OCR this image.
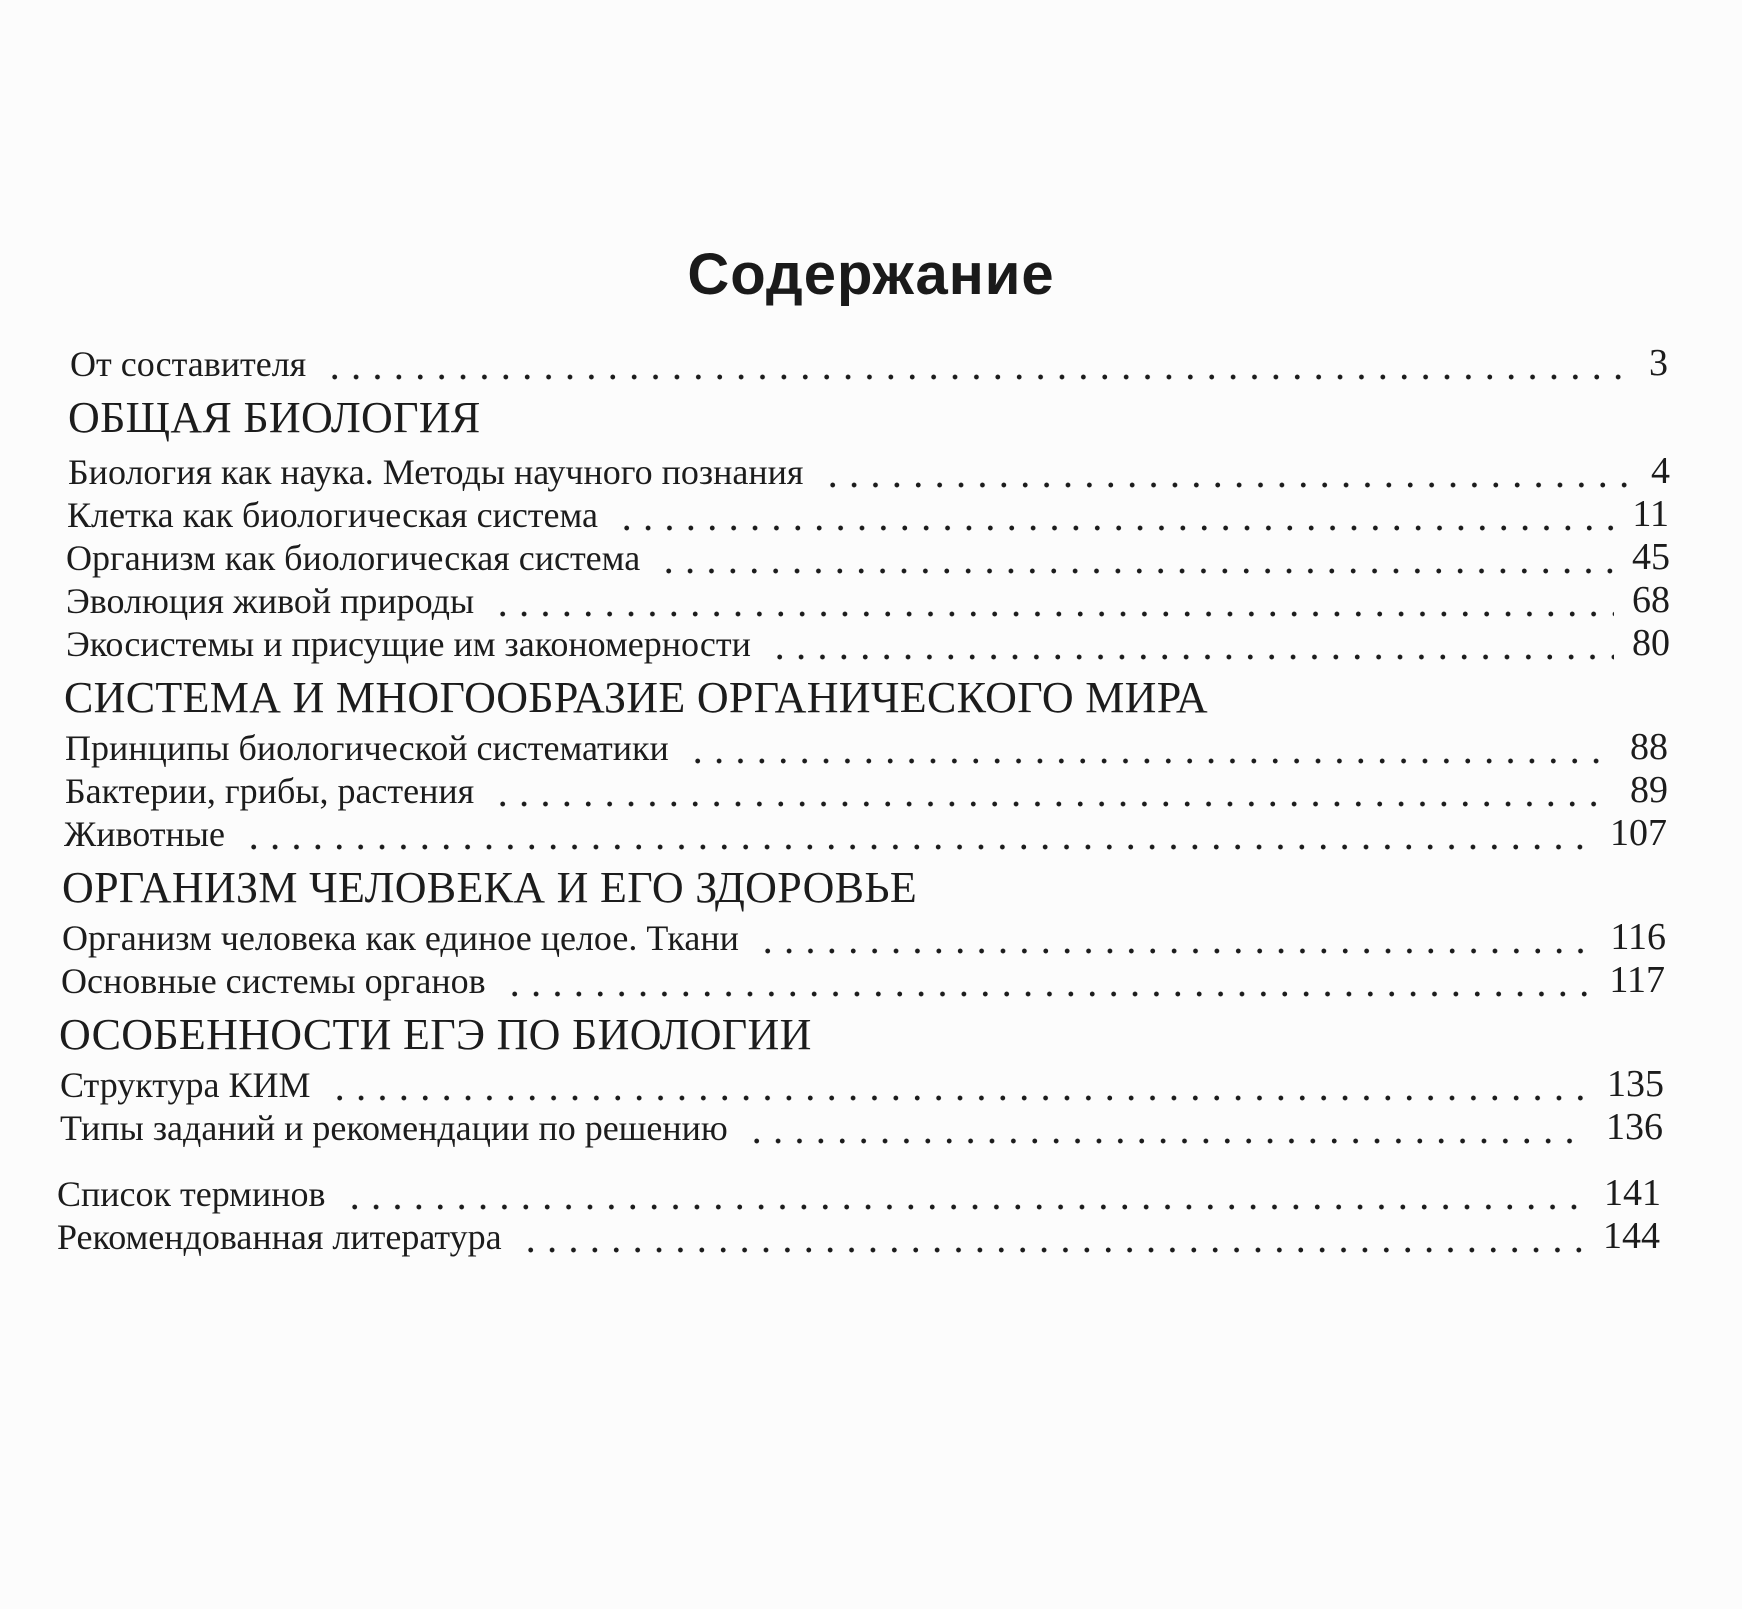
Содержание
От составителя	3
ОБЩАЯ БИОЛОГИЯ
Биология как наука. Методы научного познания	4
Клетка как биологическая система	11
Организм как биологическая система	45
Эволюция живой природы	68
Экосистемы и присущие им закономерности	80
СИСТЕМА И МНОГООБРАЗИЕ ОРГАНИЧЕСКОГО МИРА
Принципы биологической систематики	88
Бактерии, грибы, растения	89
Животные	107
ОРГАНИЗМ ЧЕЛОВЕКА И ЕГО ЗДОРОВЬЕ
Организм человека как единое целое. Ткани	116
Основные системы органов	117
ОСОБЕННОСТИ ЕГЭ ПО БИОЛОГИИ
Структура КИМ	135
Типы заданий и рекомендации по решению	136
Список терминов	141
Рекомендованная литература	144
